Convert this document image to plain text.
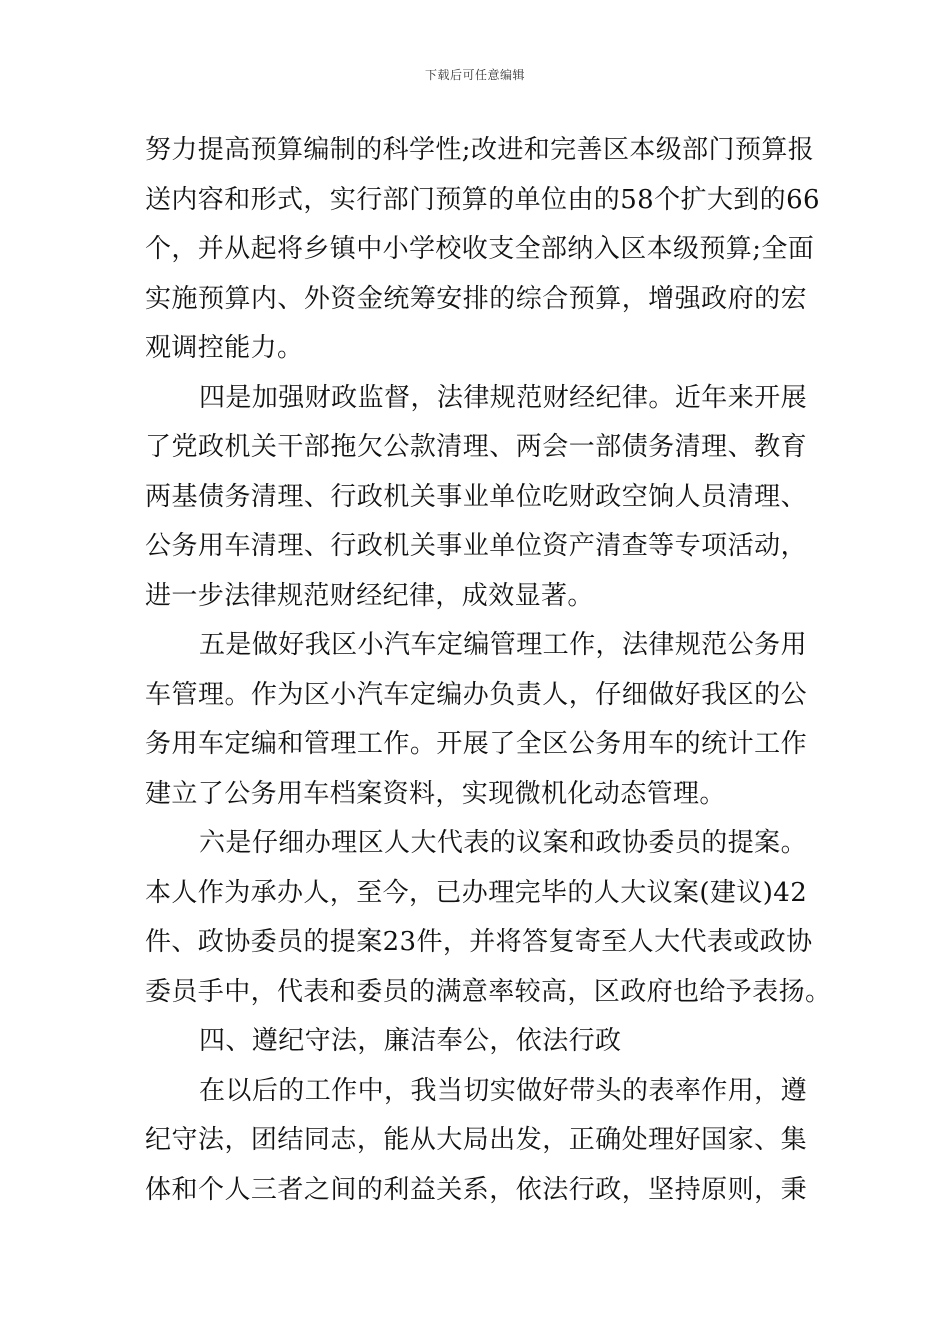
下载后可任意编辑
努力提高预算编制的科学性;改进和完善区本级部门预算报
送内容和形式，实行部门预算的单位由的58个扩大到的66
个，并从起将乡镇中小学校收支全部纳入区本级预算;全面
实施预算内、外资金统筹安排的综合预算，增强政府的宏
观调控能力。
四是加强财政监督，法律规范财经纪律。近年来开展
了党政机关干部拖欠公款清理、两会一部债务清理、教育
两基债务清理、行政机关事业单位吃财政空饷人员清理、
公务用车清理、行政机关事业单位资产清查等专项活动，
进一步法律规范财经纪律，成效显著。
五是做好我区小汽车定编管理工作，法律规范公务用
车管理。作为区小汽车定编办负责人，仔细做好我区的公
务用车定编和管理工作。开展了全区公务用车的统计工作
建立了公务用车档案资料，实现微机化动态管理。
六是仔细办理区人大代表的议案和政协委员的提案。
本人作为承办人，至今，已办理完毕的人大议案(建议)42
件、政协委员的提案23件，并将答复寄至人大代表或政协
委员手中，代表和委员的满意率较高，区政府也给予表扬。
四、遵纪守法，廉洁奉公，依法行政
在以后的工作中，我当切实做好带头的表率作用，遵
纪守法，团结同志，能从大局出发，正确处理好国家、集
体和个人三者之间的利益关系，依法行政，坚持原则，秉
